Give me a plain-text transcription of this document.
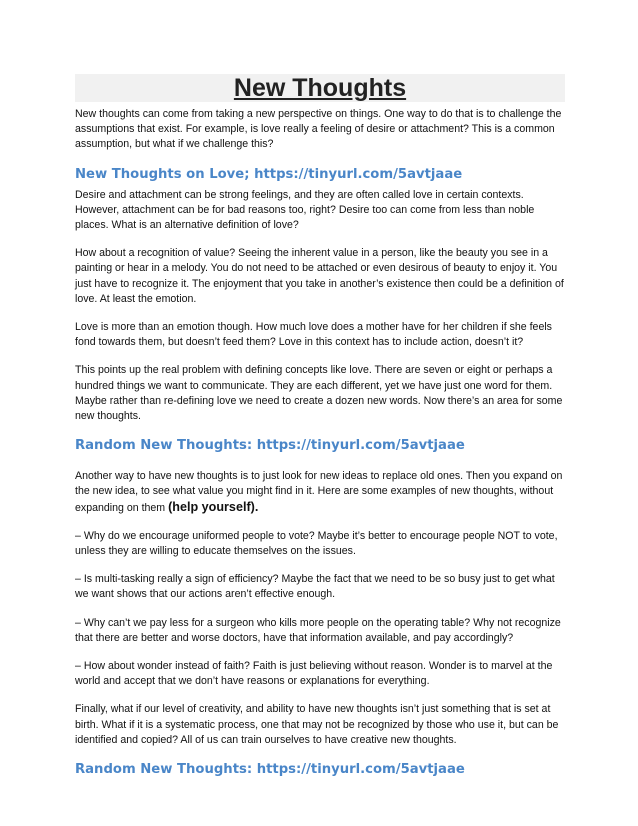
New Thoughts

New thoughts can come from taking a new perspective on things. One way to do that is to challenge the assumptions that exist. For example, is love really a feeling of desire or attachment? This is a common assumption, but what if we challenge this?

New Thoughts on Love; https://tinyurl.com/5avtjaae

Desire and attachment can be strong feelings, and they are often called love in certain contexts. However, attachment can be for bad reasons too, right? Desire too can come from less than noble places. What is an alternative definition of love?

How about a recognition of value? Seeing the inherent value in a person, like the beauty you see in a painting or hear in a melody. You do not need to be attached or even desirous of beauty to enjoy it. You just have to recognize it. The enjoyment that you take in another’s existence then could be a definition of love. At least the emotion.

Love is more than an emotion though. How much love does a mother have for her children if she feels fond towards them, but doesn’t feed them? Love in this context has to include action, doesn’t it?

This points up the real problem with defining concepts like love. There are seven or eight or perhaps a hundred things we want to communicate. They are each different, yet we have just one word for them. Maybe rather than re-defining love we need to create a dozen new words. Now there’s an area for some new thoughts.

Random New Thoughts: https://tinyurl.com/5avtjaae

Another way to have new thoughts is to just look for new ideas to replace old ones. Then you expand on the new idea, to see what value you might find in it. Here are some examples of new thoughts, without expanding on them (help yourself).

– Why do we encourage uniformed people to vote? Maybe it’s better to encourage people NOT to vote, unless they are willing to educate themselves on the issues.

– Is multi-tasking really a sign of efficiency? Maybe the fact that we need to be so busy just to get what we want shows that our actions aren’t effective enough.

– Why can’t we pay less for a surgeon who kills more people on the operating table? Why not recognize that there are better and worse doctors, have that information available, and pay accordingly?

– How about wonder instead of faith? Faith is just believing without reason. Wonder is to marvel at the world and accept that we don’t have reasons or explanations for everything.

Finally, what if our level of creativity, and ability to have new thoughts isn’t just something that is set at birth. What if it is a systematic process, one that may not be recognized by those who use it, but can be identified and copied? All of us can train ourselves to have creative new thoughts.

Random New Thoughts: https://tinyurl.com/5avtjaae
